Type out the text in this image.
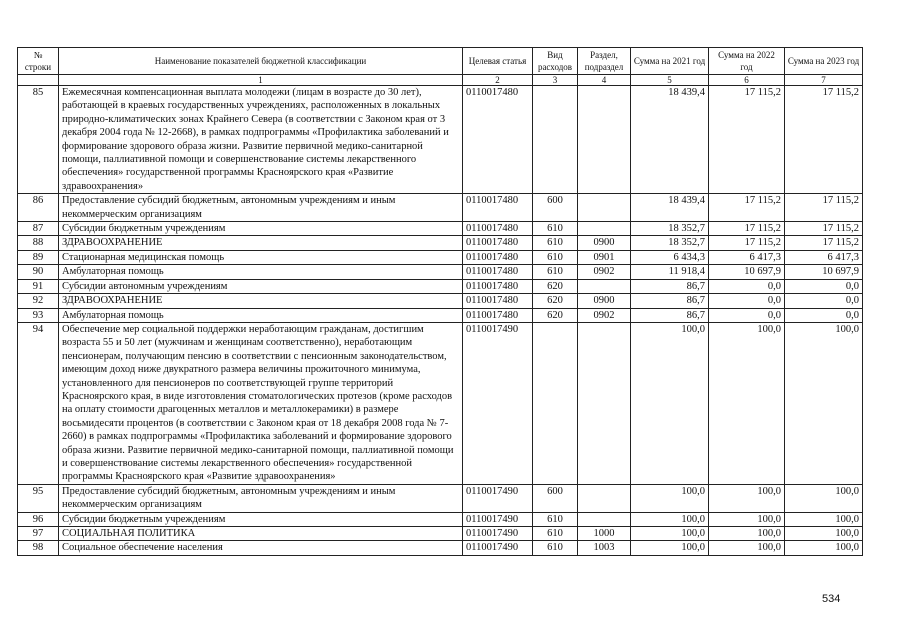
№ строки	Наименование показателей бюджетной классификации	Целевая статья	Вид расходов	Раздел, подраздел	Сумма на 2021 год	Сумма на 2022 год	Сумма на 2023 год
	1	2	3	4	5	6	7
85	Ежемесячная компенсационная выплата молодежи (лицам в возрасте до 30 лет), работающей в краевых государственных учреждениях, расположенных в локальных природно-климатических зонах Крайнего Севера (в соответствии с Законом края от 3 декабря 2004 года № 12-2668), в рамках подпрограммы «Профилактика заболеваний и формирование здорового образа жизни. Развитие первичной медико-санитарной помощи, паллиативной помощи и совершенствование системы лекарственного обеспечения» государственной программы Красноярского края «Развитие здравоохранения»	0110017480			18 439,4	17 115,2	17 115,2
86	Предоставление субсидий бюджетным, автономным учреждениям и иным некоммерческим организациям	0110017480	600		18 439,4	17 115,2	17 115,2
87	Субсидии бюджетным учреждениям	0110017480	610		18 352,7	17 115,2	17 115,2
88	ЗДРАВООХРАНЕНИЕ	0110017480	610	0900	18 352,7	17 115,2	17 115,2
89	Стационарная медицинская помощь	0110017480	610	0901	6 434,3	6 417,3	6 417,3
90	Амбулаторная помощь	0110017480	610	0902	11 918,4	10 697,9	10 697,9
91	Субсидии автономным учреждениям	0110017480	620		86,7	0,0	0,0
92	ЗДРАВООХРАНЕНИЕ	0110017480	620	0900	86,7	0,0	0,0
93	Амбулаторная помощь	0110017480	620	0902	86,7	0,0	0,0
94	Обеспечение мер социальной поддержки неработающим гражданам, достигшим возраста 55 и 50 лет (мужчинам и женщинам соответственно), неработающим пенсионерам, получающим пенсию в соответствии с пенсионным законодательством, имеющим доход ниже двукратного размера величины прожиточного минимума, установленного для пенсионеров по соответствующей группе территорий Красноярского края, в виде изготовления стоматологических протезов (кроме расходов на оплату стоимости драгоценных металлов и металлокерамики) в размере восьмидесяти процентов (в соответствии с Законом края от 18 декабря 2008 года № 7-2660) в рамках подпрограммы «Профилактика заболеваний и формирование здорового образа жизни. Развитие первичной медико-санитарной помощи, паллиативной помощи и совершенствование системы лекарственного обеспечения» государственной программы Красноярского края «Развитие здравоохранения»	0110017490			100,0	100,0	100,0
95	Предоставление субсидий бюджетным, автономным учреждениям и иным некоммерческим организациям	0110017490	600		100,0	100,0	100,0
96	Субсидии бюджетным учреждениям	0110017490	610		100,0	100,0	100,0
97	СОЦИАЛЬНАЯ ПОЛИТИКА	0110017490	610	1000	100,0	100,0	100,0
98	Социальное обеспечение населения	0110017490	610	1003	100,0	100,0	100,0
534
